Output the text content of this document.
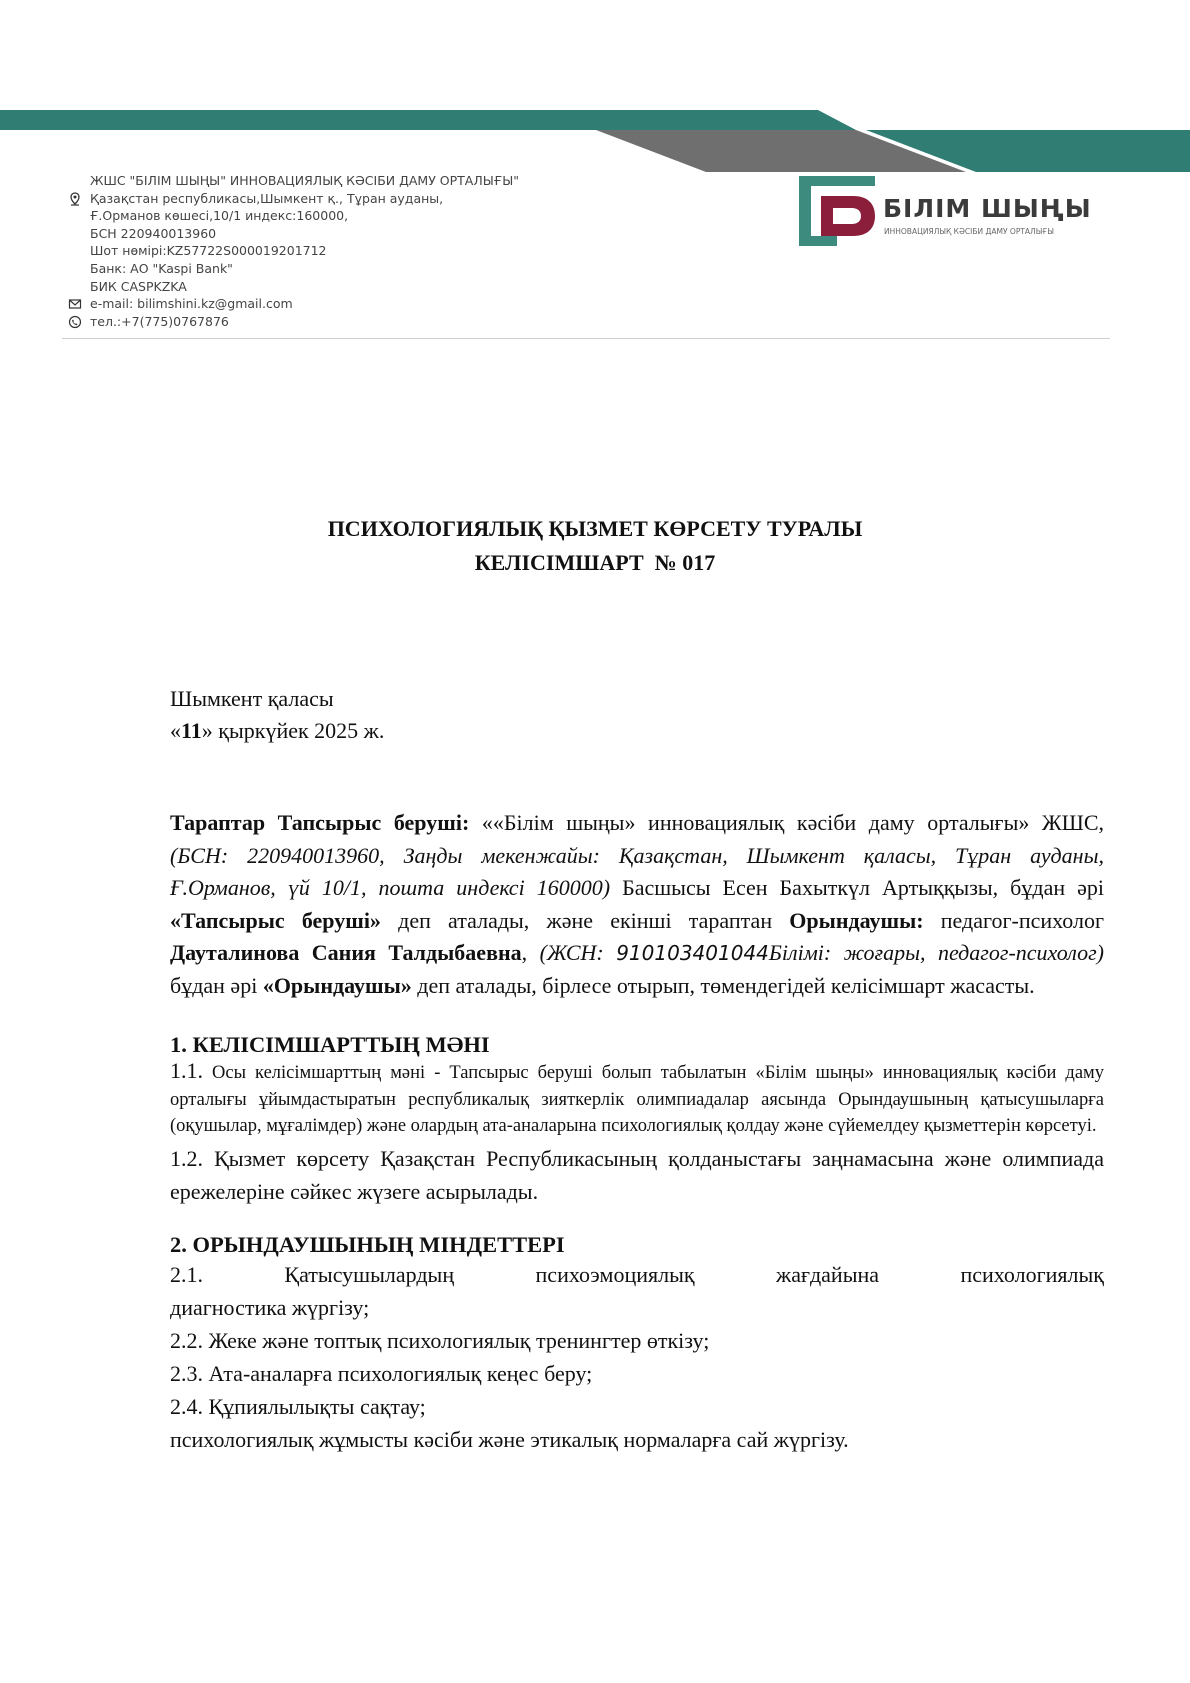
ЖШС "БІЛІМ ШЫҢЫ" ИННОВАЦИЯЛЫҚ КӘСІБИ ДАМУ ОРТАЛЫҒЫ"
Қазақстан республикасы,Шымкент қ., Тұран ауданы,
Ғ.Орманов көшесі,10/1 индекс:160000,
БСН 220940013960
Шот нөмірі:KZ57722S000019201712
Банк: АО "Kaspi Bank"
БИК CASPKZKA
e-mail: bilimshini.kz@gmail.com
тел.:+7(775)0767876
БІЛІМ ШЫҢЫ
ИННОВАЦИЯЛЫҚ КӘСІБИ ДАМУ ОРТАЛЫҒЫ
ПСИХОЛОГИЯЛЫҚ ҚЫЗМЕТ КӨРСЕТУ ТУРАЛЫ
КЕЛІСІМШАРТ  № 017
Шымкент қаласы
«11» қыркүйек 2025 ж.

Тараптар Тапсырыс беруші: ««Білім шыңы» инновациялық кәсіби даму орталығы» ЖШС, (БСН: 220940013960, Заңды мекенжайы: Қазақстан, Шымкент қаласы, Тұран ауданы, Ғ.Орманов, үй 10/1, пошта индексі 160000) Басшысы Есен Бахыткүл Артыққызы, бұдан әрі «Тапсырыс беруші» деп аталады, және екінші тараптан Орындаушы: педагог-психолог Дауталинова Сания Талдыбаевна, (ЖСН: 910103401044Білімі: жоғары, педагог-психолог) бұдан әрі «Орындаушы» деп аталады, бірлесе отырып, төмендегідей келісімшарт жасасты.

1. КЕЛІСІМШАРТТЫҢ МӘНІ

1.1. Осы келісімшарттың мәні - Тапсырыс беруші болып табылатын «Білім шыңы» инновациялық кәсіби даму орталығы ұйымдастыратын республикалық зияткерлік олимпиадалар аясында Орындаушының қатысушыларға (оқушылар, мұғалімдер) және олардың ата-аналарына психологиялық қолдау және сүйемелдеу қызметтерін көрсетуі.

1.2. Қызмет көрсету Қазақстан Республикасының қолданыстағы заңнамасына және олимпиада ережелеріне сәйкес жүзеге асырылады.

2. ОРЫНДАУШЫНЫҢ МІНДЕТТЕРІ

2.1. Қатысушылардың психоэмоциялық жағдайына психологиялық

диагностика жүргізу;

2.2. Жеке және топтық психологиялық тренингтер өткізу;

2.3. Ата-аналарға психологиялық кеңес беру;

2.4. Құпиялылықты сақтау;

психологиялық жұмысты кәсіби және этикалық нормаларға сай жүргізу.
